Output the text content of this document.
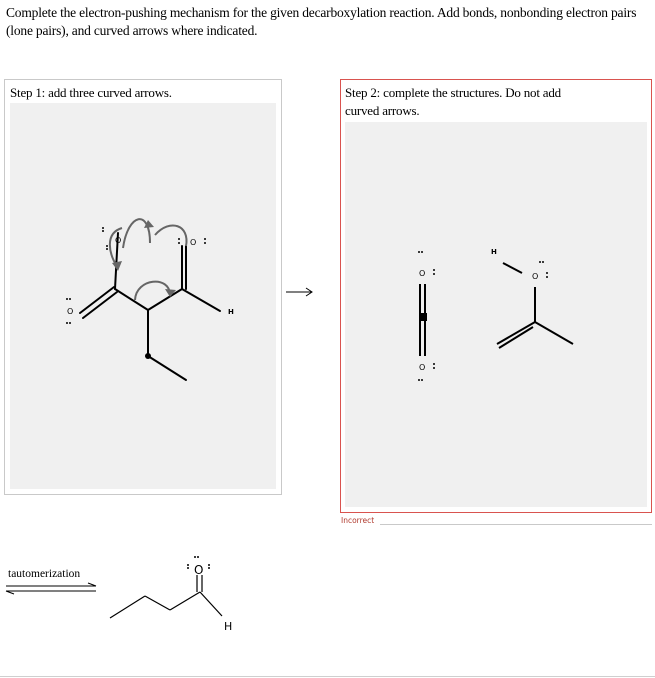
Complete the electron-pushing mechanism for the given decarboxylation reaction. Add bonds, nonbonding electron pairs (lone pairs), and curved arrows where indicated.
Step 1: add three curved arrows.
O
O	O
H
Step 2: complete the structures. Do not add curved arrows.
O
O
H
O
Incorrect
tautomerization	O
H
